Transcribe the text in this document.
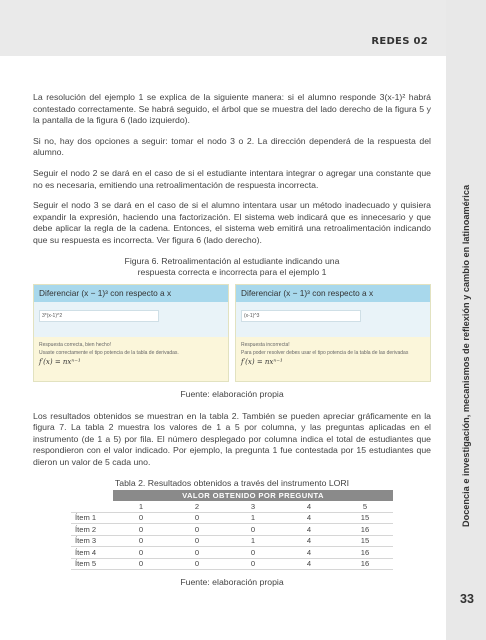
REDES 02
Docencia e investigación, mecanismos de reflexión y cambio en latinoamérica

La resolución del ejemplo 1 se explica de la siguiente manera: si el alumno responde 3(x-1)² habrá contestado correctamente. Se habrá seguido, el árbol que se muestra del lado derecho de la figura 5 y la pantalla de la figura 6 (lado izquierdo).

Si no, hay dos opciones a seguir: tomar el nodo 3 o 2. La dirección dependerá de la respuesta del alumno.

Seguir el nodo 2 se dará en el caso de si el estudiante intentara integrar o agregar una constante que no es necesaria, emitiendo una retroalimentación de respuesta incorrecta.

Seguir el nodo 3 se dará en el caso de si el alumno intentara usar un método inadecuado y quisiera expandir la expresión, haciendo una factorización. El sistema web indicará que es innecesario y que debe aplicar la regla de la cadena. Entonces, el sistema web emitirá una retroalimentación indicando que su respuesta es incorrecta. Ver figura 6 (lado derecho).

Figura 6. Retroalimentación al estudiante indicando una
respuesta correcta e incorrecta para el ejemplo 1
Diferenciar (x − 1)³ con respecto a x
3*(x-1)^2
Respuesta correcta, bien hecho!
Usaste correctamente el tipo potencia de la tabla de derivadas.
f′(x) = nxⁿ⁻¹
Diferenciar (x − 1)³ con respecto a x
(x-1)^3
Respuesta incorrecta!
Para poder resolver debes usar el tipo potencia de la tabla de las derivadas
f′(x) = nxⁿ⁻¹
Fuente: elaboración propia

Los resultados obtenidos se muestran en la tabla 2. También se pueden apreciar gráficamente en la figura 7. La tabla 2 muestra los valores de 1 a 5 por columna, y las preguntas aplicadas en el instrumento (de 1 a 5) por fila. El número desplegado por columna indica el total de estudiantes que respondieron con el valor indicado. Por ejemplo, la pregunta 1 fue contestada por 15 estudiantes que dieron un valor de 5 cada uno.

Tabla 2. Resultados obtenidos a través del instrumento LORI
	VALOR OBTENIDO POR PREGUNTA				
	1	2	3	4	5
Ítem 1	0	0	1	4	15
Ítem 2	0	0	0	4	16
Ítem 3	0	0	1	4	15
Ítem 4	0	0	0	4	16
Ítem 5	0	0	0	4	16
Fuente: elaboración propia
33
